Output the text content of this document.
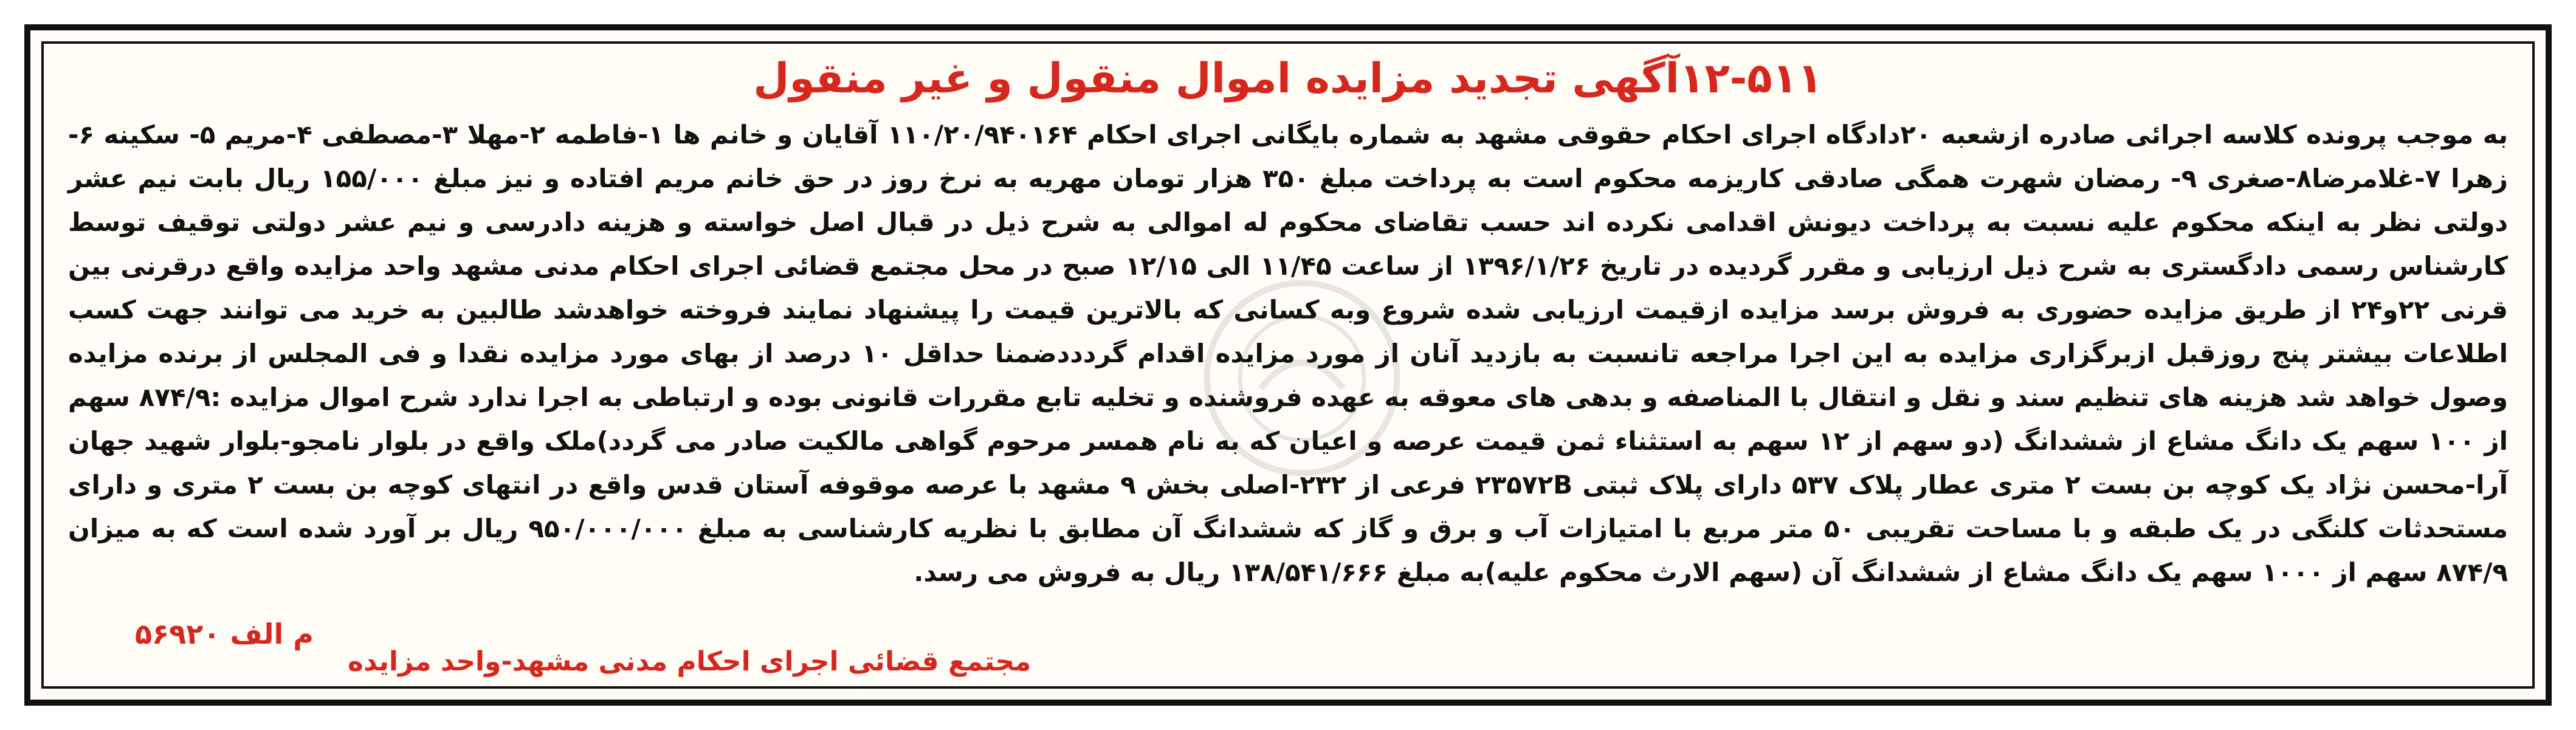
۱۲-۵۱۱آگهی تجدید مزایده اموال منقول و غیر منقول

به موجب پرونده کلاسه اجرائی صادره ازشعبه ۲۰دادگاه اجرای احکام حقوقی مشهد به شماره بایگانی اجرای احکام ۱۱۰/۲۰/۹۴۰۱۶۴ آقایان و خانم ها ۱-فاطمه ۲-مهلا ۳-مصطفی ۴-مریم ۵- سکینه ۶-زهرا ۷-غلامرضا۸-صغری ۹- رمضان شهرت همگی صادقی کاریزمه محکوم است به پرداخت مبلغ ۳۵۰ هزار تومان مهریه به نرخ روز در حق خانم مریم افتاده و نیز مبلغ ۱۵۵/۰۰۰ ریال بابت نیم عشر دولتی نظر به اینکه محکوم علیه نسبت به پرداخت دیونش اقدامی نکرده اند حسب تقاضای محکوم له اموالی به شرح ذیل در قبال اصل خواسته و هزینه دادرسی و نیم عشر دولتی توقیف توسط کارشناس رسمی دادگستری به شرح ذیل ارزیابی و مقرر گردیده در تاریخ ۱۳۹۶/۱/۲۶ از ساعت ۱۱/۴۵ الی ۱۲/۱۵ صبح در محل مجتمع قضائی اجرای احکام مدنی مشهد واحد مزایده واقع درقرنی بین قرنی ۲۲و۲۴ از طریق مزایده حضوری به فروش برسد مزایده ازقیمت ارزیابی شده شروع وبه کسانی که بالاترین قیمت را پیشنهاد نمایند فروخته خواهدشد طالبین به خرید می توانند جهت کسب اطلاعات بیشتر پنج روزقبل ازبرگزاری مزایده به این اجرا مراجعه تانسبت به بازدید آنان از مورد مزایده اقدام گردددضمنا حداقل ۱۰ درصد از بهای مورد مزایده نقدا و فی المجلس از برنده مزایده وصول خواهد شد هزینه های تنظیم سند و نقل و انتقال با المناصفه و بدهی های معوقه به عهده فروشنده و تخلیه تابع مقررات قانونی بوده و ارتباطی به اجرا ندارد شرح اموال مزایده :۸۷۴/۹ سهم از ۱۰۰ سهم یک دانگ مشاع از ششدانگ (دو سهم از ۱۲ سهم به استثناء ثمن قیمت عرصه و اعیان که به نام همسر مرحوم گواهی مالکیت صادر می گردد)ملک واقع در بلوار نامجو-بلوار شهید جهان آرا-محسن نژاد یک کوچه بن بست ۲ متری عطار پلاک ۵۳۷ دارای پلاک ثبتی ۲۳۵۷۲B فرعی از ۲۳۲-اصلی بخش ۹ مشهد با عرصه موقوفه آستان قدس واقع در انتهای کوچه بن بست ۲ متری و دارای مستحدثات کلنگی در یک طبقه و با مساحت تقریبی ۵۰ متر مربع با امتیازات آب و برق و گاز که ششدانگ آن مطابق با نظریه کارشناسی به مبلغ ۹۵۰/۰۰۰/۰۰۰ ریال بر آورد شده است که به میزان ۸۷۴/۹ سهم از ۱۰۰۰ سهم یک دانگ مشاع از ششدانگ آن (سهم الارث محکوم علیه)به مبلغ ۱۳۸/۵۴۱/۶۶۶ ریال به فروش می رسد.

م الف ۵۶۹۲۰
مجتمع قضائی اجرای احکام مدنی مشهد-واحد مزایده
